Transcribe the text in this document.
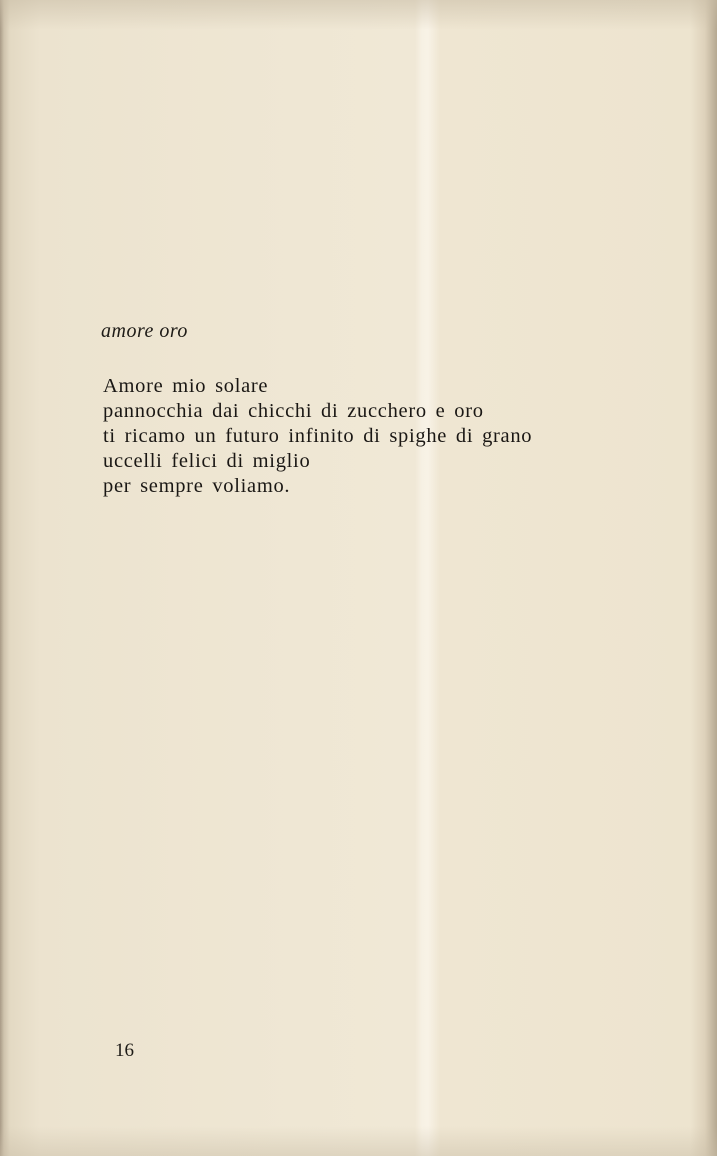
amore oro
Amore mio solare
pannocchia dai chicchi di zucchero e oro
ti ricamo un futuro infinito di spighe di grano
uccelli felici di miglio
per sempre voliamo.
16
